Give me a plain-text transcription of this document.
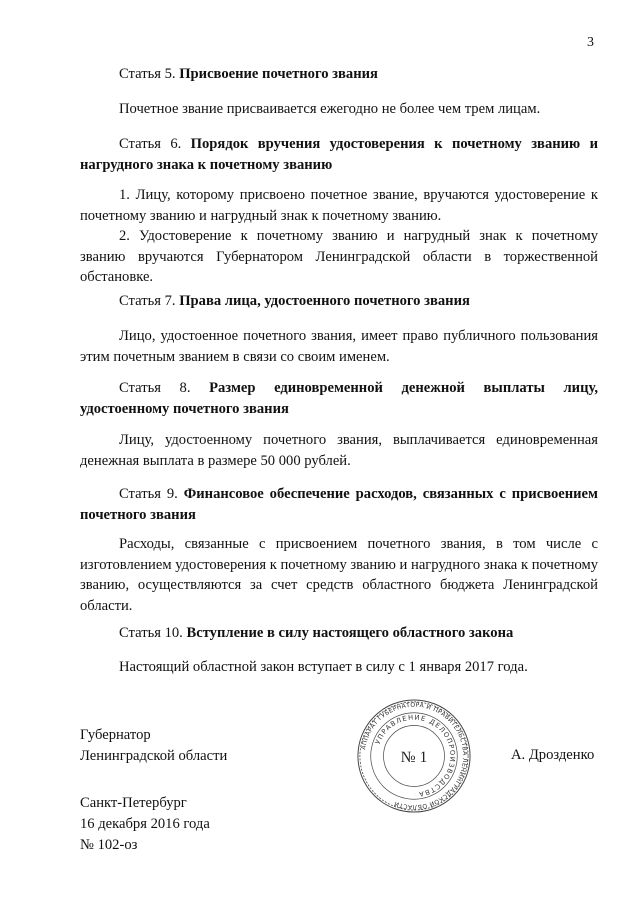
3
Статья 5. Присвоение почетного звания

Почетное звание присваивается ежегодно не более чем трем лицам.

Статья 6. Порядок вручения удостоверения к почетному званию и нагрудного знака к почетному званию

1. Лицу, которому присвоено почетное звание, вручаются удостоверение к почетному званию и нагрудный знак к почетному званию.

2. Удостоверение к почетному званию и нагрудный знак к почетному званию вручаются Губернатором Ленинградской области в торжественной обстановке.

Статья 7. Права лица, удостоенного почетного звания

Лицо, удостоенное почетного звания, имеет право публичного пользования этим почетным званием в связи со своим именем.

Статья 8. Размер единовременной денежной выплаты лицу, удостоенному почетного звания

Лицу, удостоенному почетного звания, выплачивается единовременная денежная выплата в размере 50 000 рублей.

Статья 9. Финансовое обеспечение расходов, связанных с присвоением почетного звания

Расходы, связанные с присвоением почетного звания, в том числе с изготовлением удостоверения к почетному званию и нагрудного знака к почетному званию, осуществляются за счет средств областного бюджета Ленинградской области.

Статья 10. Вступление в силу настоящего областного закона

Настоящий областной закон вступает в силу с 1 января 2017 года.

Губернатор
Ленинградской области
АППАРАТ ГУБЕРНАТОРА И ПРАВИТЕЛЬСТВА ЛЕНИНГРАДСКОЙ ОБЛАСТИ
УПРАВЛЕНИЕ ДЕЛОПРОИЗВОДСТВА
№ 1	А. Дрозденко
Санкт-Петербург
16 декабря 2016 года
№ 102-оз
